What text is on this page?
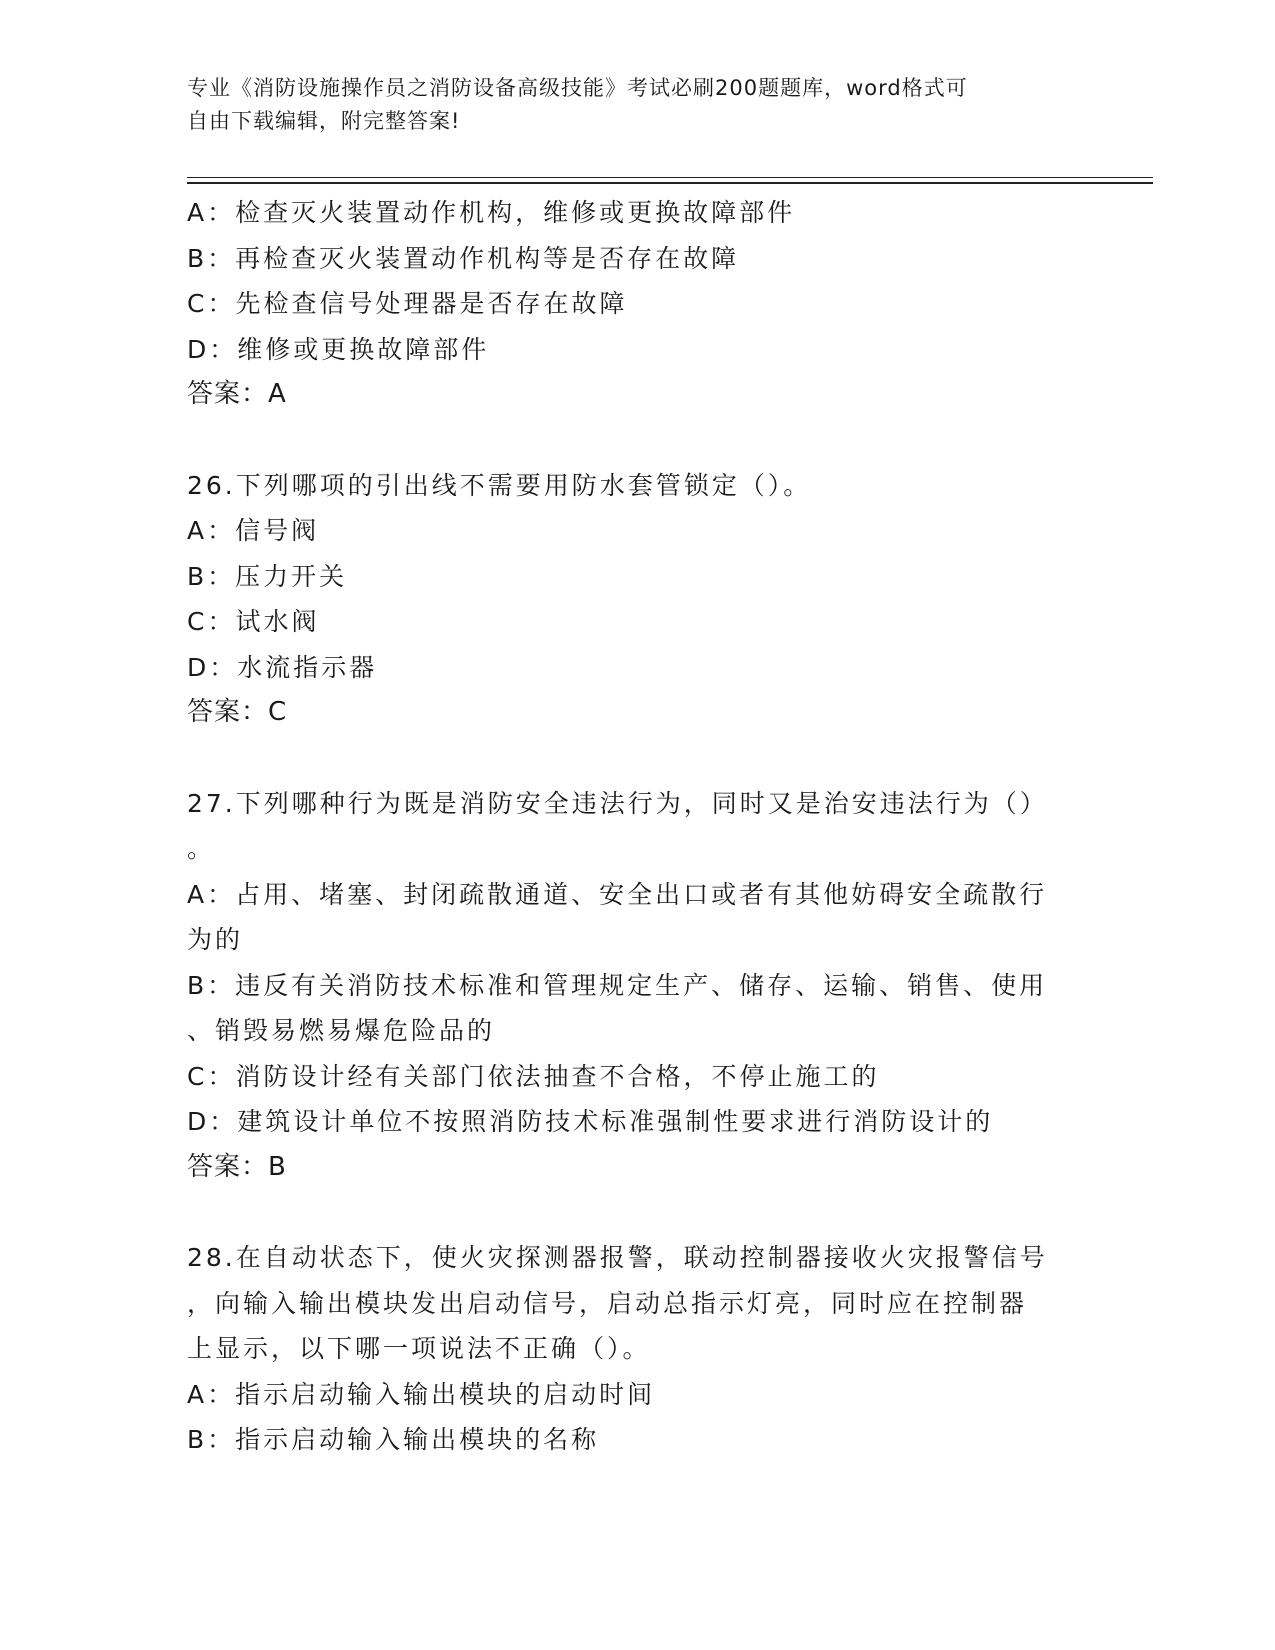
专业《消防设施操作员之消防设备高级技能》考试必刷200题题库，word格式可
自由下载编辑，附完整答案!
A：检查灭火装置动作机构，维修或更换故障部件
B：再检查灭火装置动作机构等是否存在故障
C：先检查信号处理器是否存在故障
D：维修或更换故障部件
答案：A
26.下列哪项的引出线不需要用防水套管锁定（）。
A：信号阀
B：压力开关
C：试水阀
D：水流指示器
答案：C
27.下列哪种行为既是消防安全违法行为，同时又是治安违法行为（）
。
A：占用、堵塞、封闭疏散通道、安全出口或者有其他妨碍安全疏散行
为的
B：违反有关消防技术标准和管理规定生产、储存、运输、销售、使用
、销毁易燃易爆危险品的
C：消防设计经有关部门依法抽查不合格，不停止施工的
D：建筑设计单位不按照消防技术标准强制性要求进行消防设计的
答案：B
28.在自动状态下，使火灾探测器报警，联动控制器接收火灾报警信号
，向输入输出模块发出启动信号，启动总指示灯亮，同时应在控制器
上显示，以下哪一项说法不正确（）。
A：指示启动输入输出模块的启动时间
B：指示启动输入输出模块的名称
